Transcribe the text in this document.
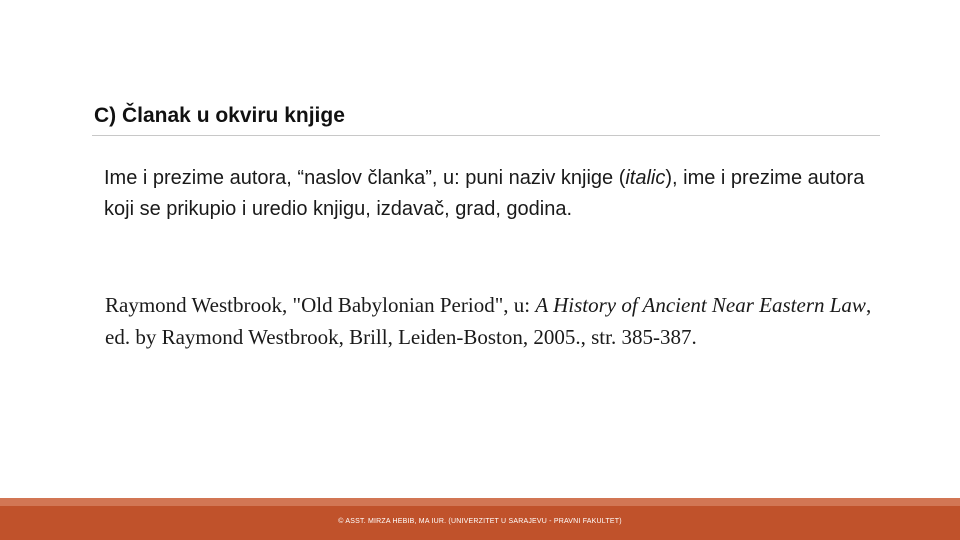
C) Članak u okviru knjige
Ime i prezime autora, “naslov članka”, u: puni naziv knjige (italic), ime i prezime autora koji se prikupio i uredio knjigu, izdavač, grad, godina.
Raymond Westbrook, "Old Babylonian Period", u: A History of Ancient Near Eastern Law, ed. by Raymond Westbrook, Brill, Leiden-Boston, 2005., str. 385-387.
© ASST. MIRZA HEBIB, MA IUR. (UNIVERZITET U SARAJEVU - PRAVNI FAKULTET)
